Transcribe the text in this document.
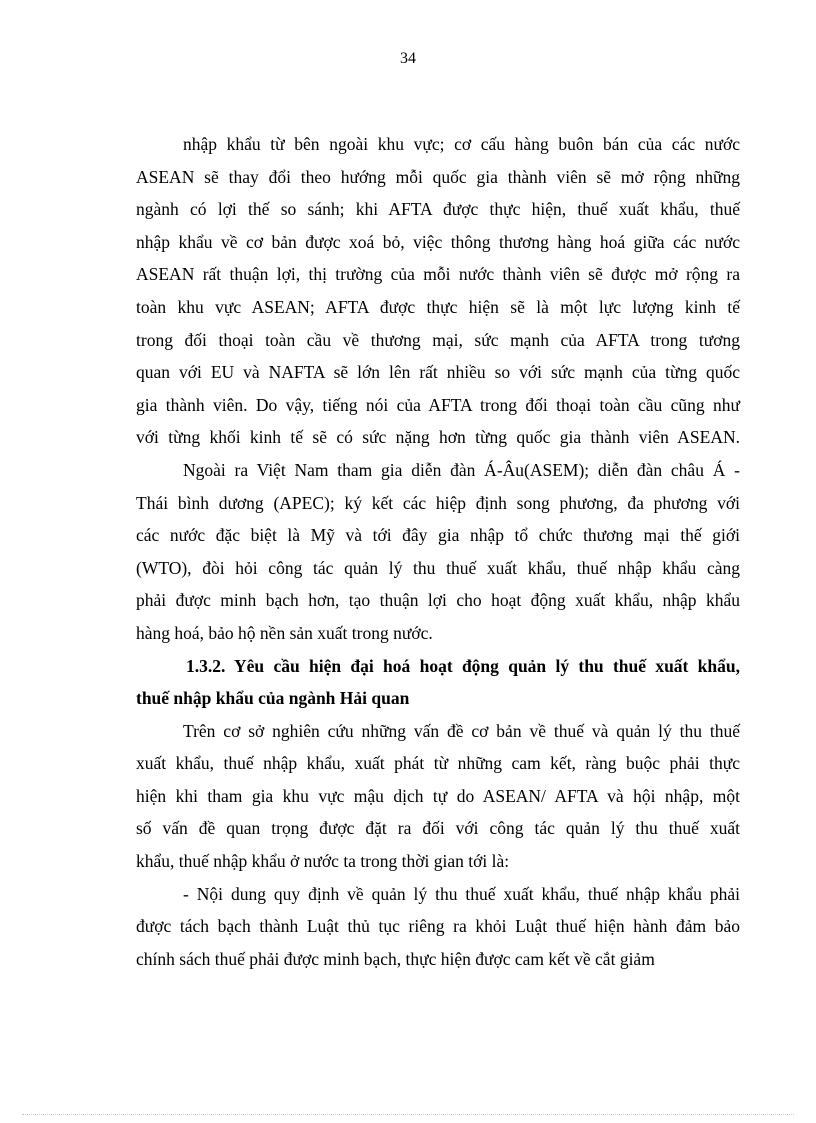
34
nhập khẩu từ bên ngoài khu vực; cơ cấu hàng buôn bán của các nước
ASEAN sẽ thay đổi theo hướng mỗi quốc gia thành viên sẽ mở rộng những
ngành có lợi thế so sánh; khi AFTA được thực hiện, thuế xuất khẩu, thuế
nhập khẩu về cơ bản được xoá bỏ, việc thông thương hàng hoá giữa các nước
ASEAN rất thuận lợi, thị trường của mỗi nước thành viên sẽ được mở rộng ra
toàn khu vực ASEAN; AFTA được thực hiện sẽ là một lực lượng kinh tế
trong đối thoại toàn cầu về thương mại, sức mạnh của AFTA trong tương
quan với EU và NAFTA sẽ lớn lên rất nhiều so với sức mạnh của từng quốc
gia thành viên. Do vậy, tiếng nói của AFTA trong đối thoại toàn cầu cũng như
với từng khối kinh tế sẽ có sức nặng hơn từng quốc gia thành viên ASEAN.
Ngoài ra Việt Nam tham gia diễn đàn Á-Âu(ASEM); diễn đàn châu Á -
Thái bình dương (APEC); ký kết các hiệp định song phương, đa phương với
các nước đặc biệt là Mỹ và tới đây gia nhập tổ chức thương mại thế giới
(WTO), đòi hỏi công tác quản lý thu thuế xuất khẩu, thuế nhập khẩu càng
phải được minh bạch hơn, tạo thuận lợi cho hoạt động xuất khẩu, nhập khẩu
hàng hoá, bảo hộ nền sản xuất trong nước.
1.3.2. Yêu cầu hiện đại hoá hoạt động quản lý thu thuế xuất khẩu,
thuế nhập khẩu của ngành Hải quan
Trên cơ sở nghiên cứu những vấn đề cơ bản về thuế và quản lý thu thuế
xuất khẩu, thuế nhập khẩu, xuất phát từ những cam kết, ràng buộc phải thực
hiện khi tham gia khu vực mậu dịch tự do ASEAN/ AFTA và hội nhập, một
số vấn đề quan trọng được đặt ra đối với công tác quản lý thu thuế xuất
khẩu, thuế nhập khẩu ở nước ta trong thời gian tới là:
- Nội dung quy định về quản lý thu thuế xuất khẩu, thuế nhập khẩu phải
được tách bạch thành Luật thủ tục riêng ra khỏi Luật thuế hiện hành đảm bảo
chính sách thuế phải được minh bạch, thực hiện được cam kết về cắt giảm
